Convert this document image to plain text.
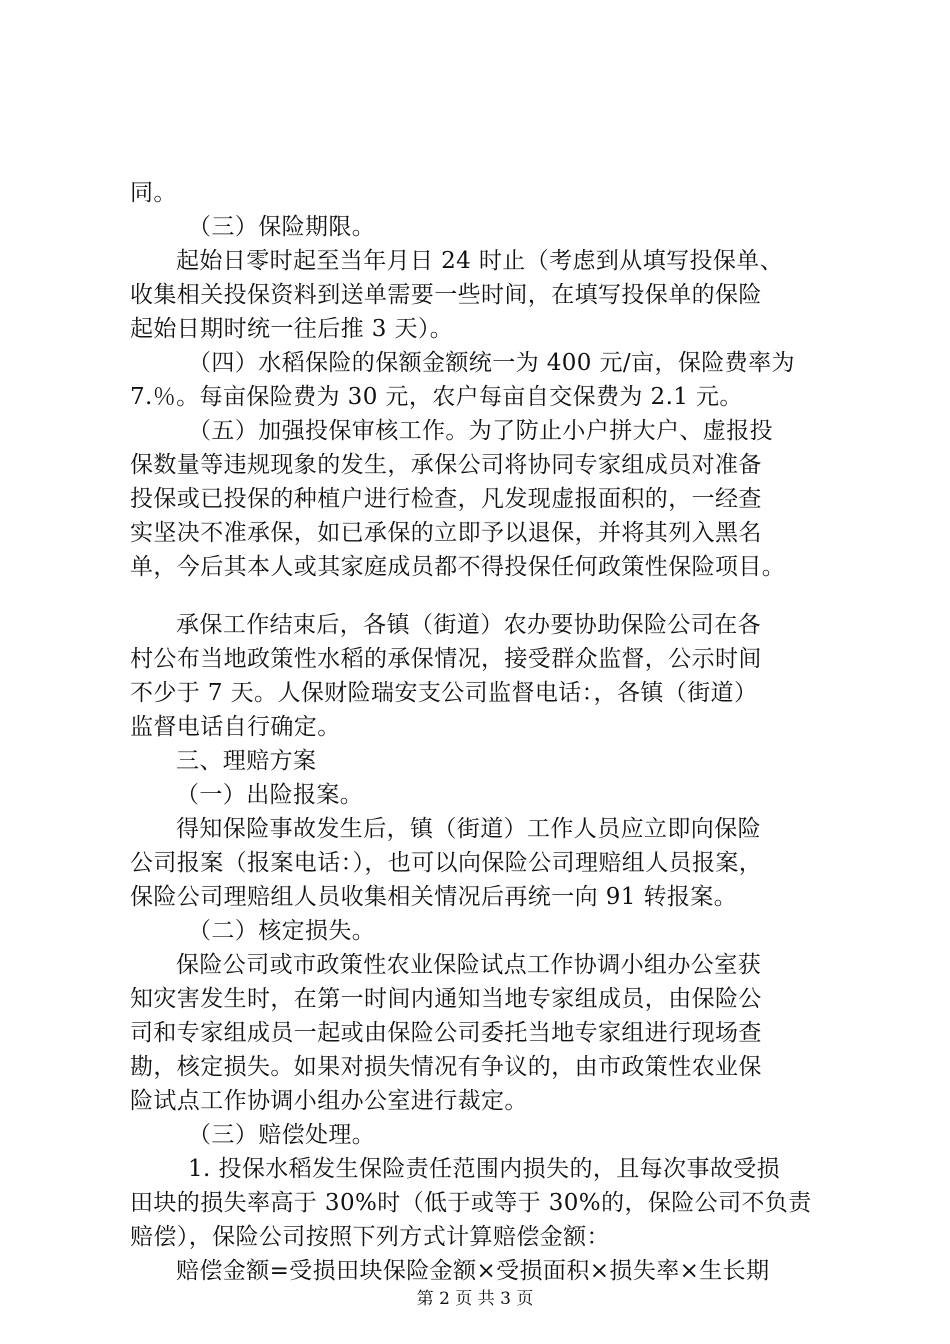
同。
（三）保险期限。
起始日零时起至当年月日 24 时止（考虑到从填写投保单、
收集相关投保资料到送单需要一些时间，在填写投保单的保险
起始日期时统一往后推 3 天）。
（四）水稻保险的保额金额统一为 400 元/亩，保险费率为
7.％。每亩保险费为 30 元，农户每亩自交保费为 2.1 元。
（五）加强投保审核工作。为了防止小户拼大户、虚报投
保数量等违规现象的发生，承保公司将协同专家组成员对准备
投保或已投保的种植户进行检查，凡发现虚报面积的，一经查
实坚决不准承保，如已承保的立即予以退保，并将其列入黑名
单，今后其本人或其家庭成员都不得投保任何政策性保险项目。
承保工作结束后，各镇（街道）农办要协助保险公司在各
村公布当地政策性水稻的承保情况，接受群众监督，公示时间
不少于 7 天。人保财险瑞安支公司监督电话：，各镇（街道）
监督电话自行确定。
三、理赔方案
（一）出险报案。
得知保险事故发生后，镇（街道）工作人员应立即向保险
公司报案（报案电话：），也可以向保险公司理赔组人员报案，
保险公司理赔组人员收集相关情况后再统一向 91 转报案。
（二）核定损失。
保险公司或市政策性农业保险试点工作协调小组办公室获
知灾害发生时，在第一时间内通知当地专家组成员，由保险公
司和专家组成员一起或由保险公司委托当地专家组进行现场查
勘，核定损失。如果对损失情况有争议的，由市政策性农业保
险试点工作协调小组办公室进行裁定。
（三）赔偿处理。
1. 投保水稻发生保险责任范围内损失的，且每次事故受损
田块的损失率高于 30%时（低于或等于 30%的，保险公司不负责
赔偿），保险公司按照下列方式计算赔偿金额：
赔偿金额=受损田块保险金额×受损面积×损失率×生长期
第 2 页 共 3 页
